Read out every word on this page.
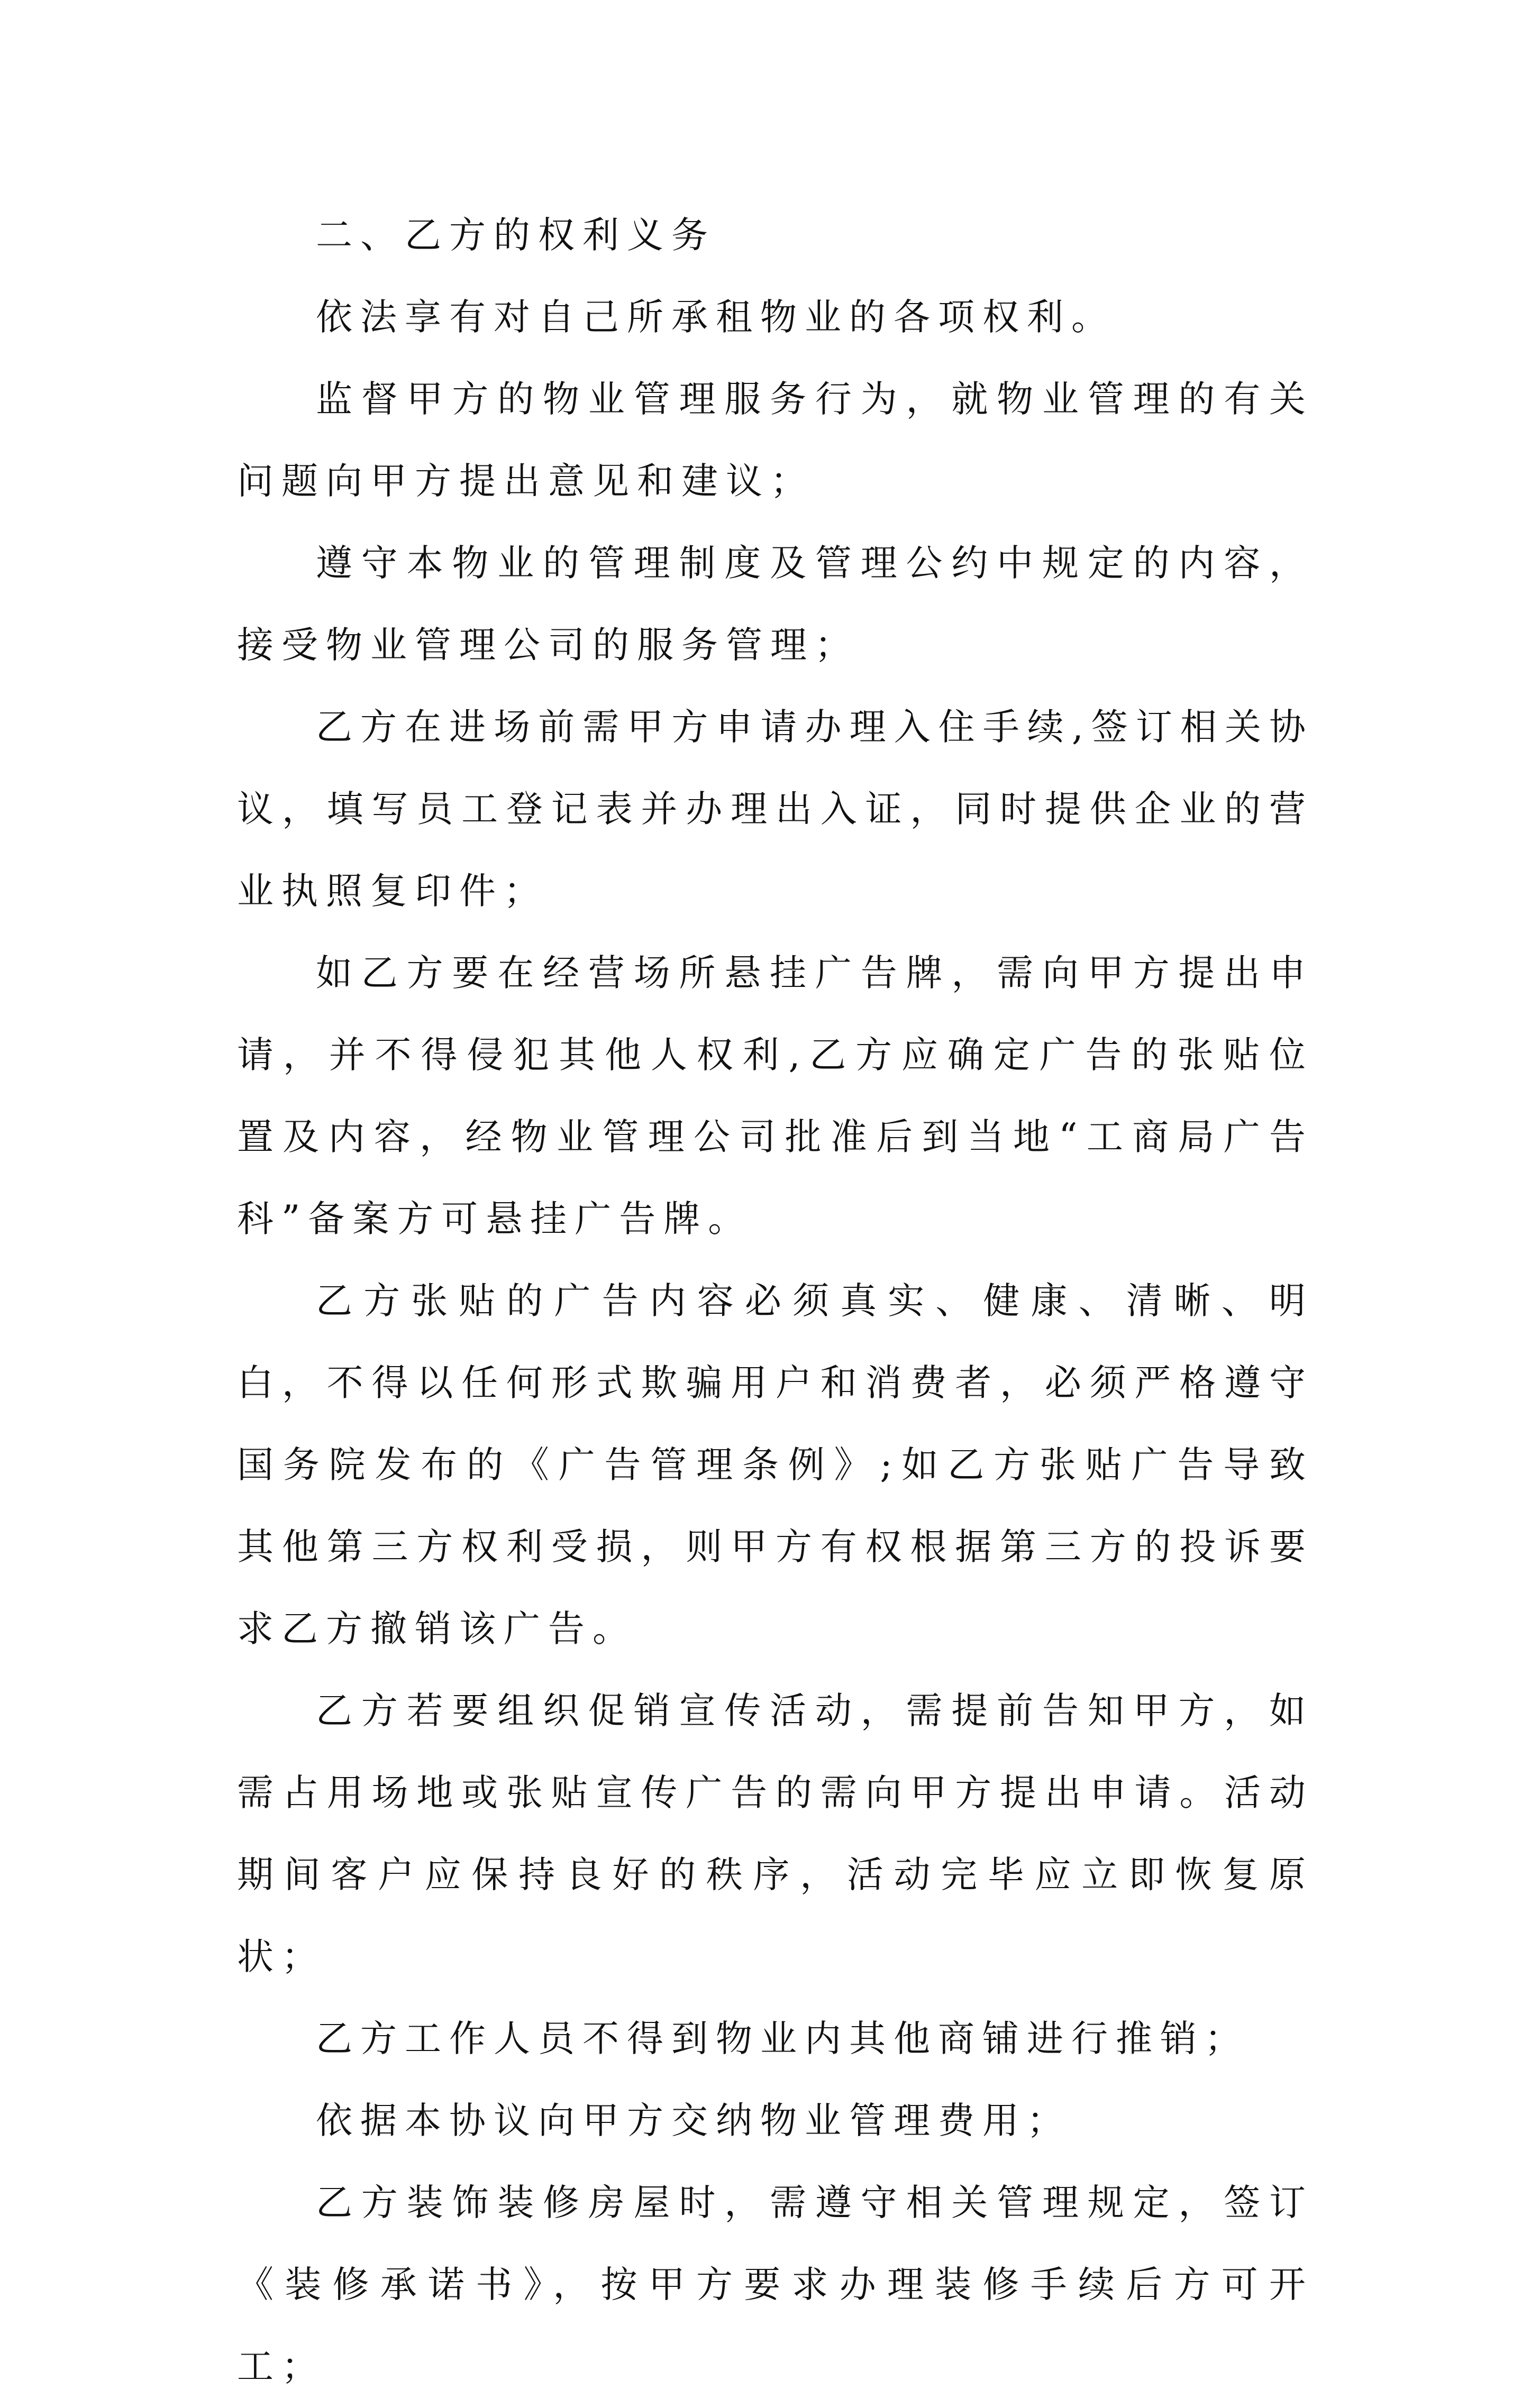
二、乙方的权利义务

依法享有对自己所承租物业的各项权利。

监督甲方的物业管理服务行为，就物业管理的有关问题向甲方提出意见和建议；

遵守本物业的管理制度及管理公约中规定的内容，接受物业管理公司的服务管理；

乙方在进场前需甲方申请办理入住手续,签订相关协议，填写员工登记表并办理出入证，同时提供企业的营业执照复印件；

如乙方要在经营场所悬挂广告牌，需向甲方提出申请，并不得侵犯其他人权利,乙方应确定广告的张贴位置及内容，经物业管理公司批准后到当地“工商局广告科”备案方可悬挂广告牌。

乙方张贴的广告内容必须真实、健康、清晰、明白，不得以任何形式欺骗用户和消费者，必须严格遵守国务院发布的《广告管理条例》;如乙方张贴广告导致其他第三方权利受损，则甲方有权根据第三方的投诉要求乙方撤销该广告。

乙方若要组织促销宣传活动，需提前告知甲方，如需占用场地或张贴宣传广告的需向甲方提出申请。活动期间客户应保持良好的秩序，活动完毕应立即恢复原状；

乙方工作人员不得到物业内其他商铺进行推销；

依据本协议向甲方交纳物业管理费用；

乙方装饰装修房屋时，需遵守相关管理规定，签订《装修承诺书》，按甲方要求办理装修手续后方可开工；
